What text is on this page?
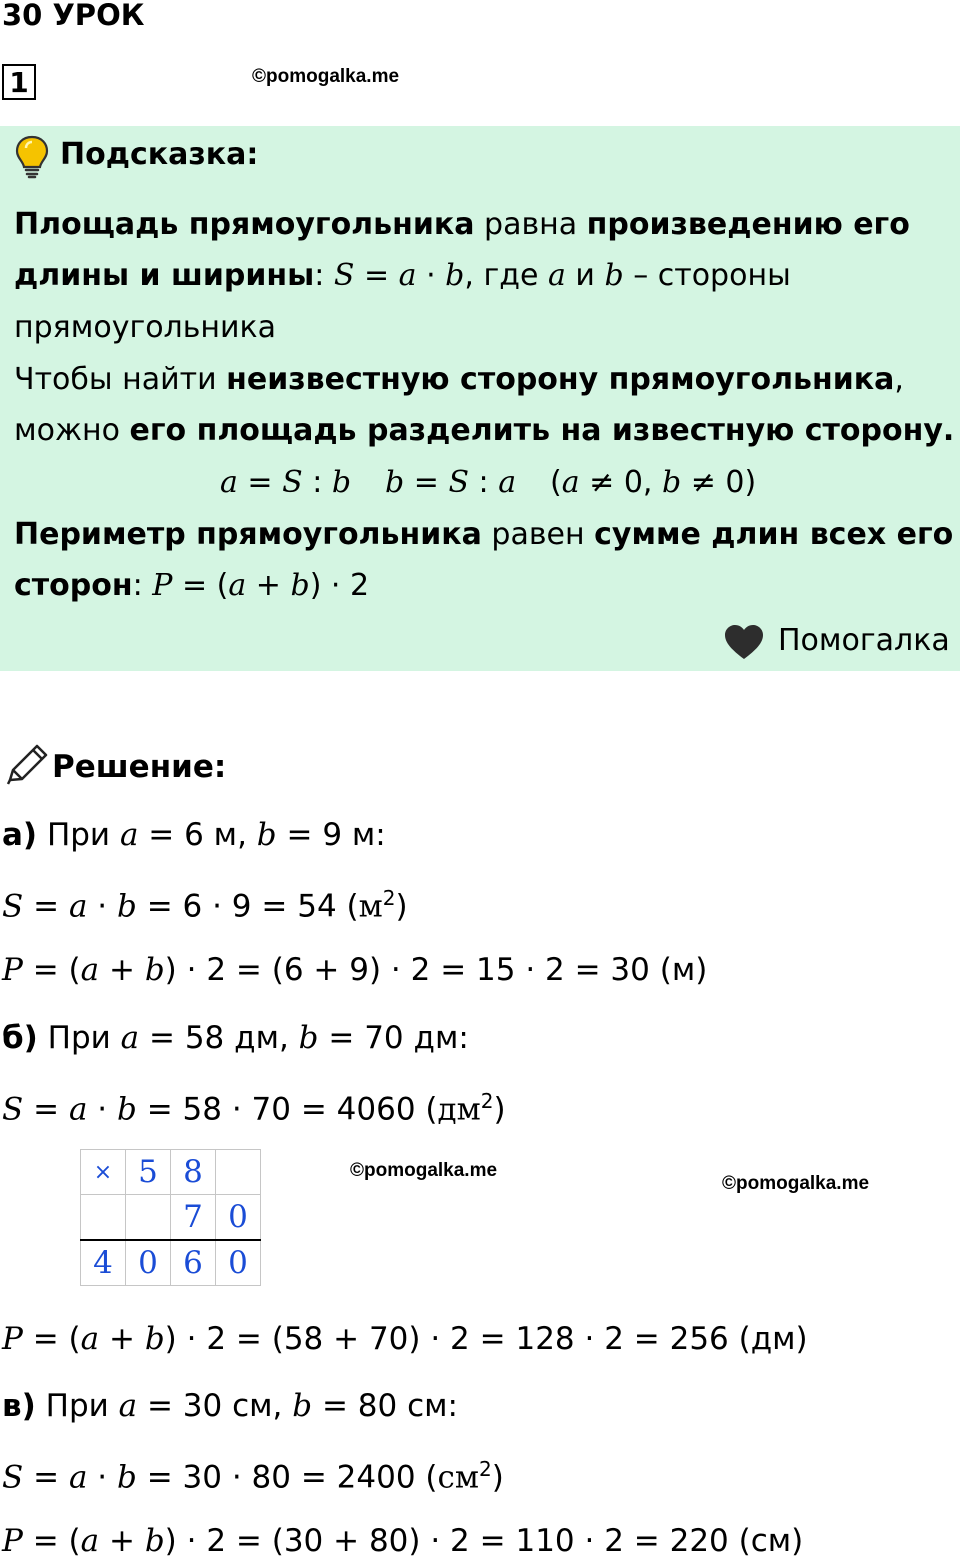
30 УРОК
1	©pomogalka.me
Подсказка:
Площадь прямоугольника равна произведению его
длины и ширины: S = a · b, где a и b – стороны
прямоугольника
Чтобы найти неизвестную сторону прямоугольника,
можно его площадь разделить на известную сторону.
a = S : b b = S : a (a ≠ 0, b ≠ 0)
Периметр прямоугольника равен сумме длин всех его
сторон: P = (a + b) · 2
Помогалка
Решение:
а) При a = 6 м, b = 9 м:
S = a · b = 6 · 9 = 54 $(м^2)$
P = (a + b) · 2 = (6 + 9) · 2 = 15 · 2 = 30 (м)
б) При a = 58 дм, b = 70 дм:
S = a · b = 58 · 70 = 4060 $(дм^2)$
×	5	8	
		7	0
4	0	6	0
©pomogalka.me
©pomogalka.me
P = (a + b) · 2 = (58 + 70) · 2 = 128 · 2 = 256 (дм)
в) При a = 30 см, b = 80 см:
S = a · b = 30 · 80 = 2400 $(см^2)$
P = (a + b) · 2 = (30 + 80) · 2 = 110 · 2 = 220 (см)
